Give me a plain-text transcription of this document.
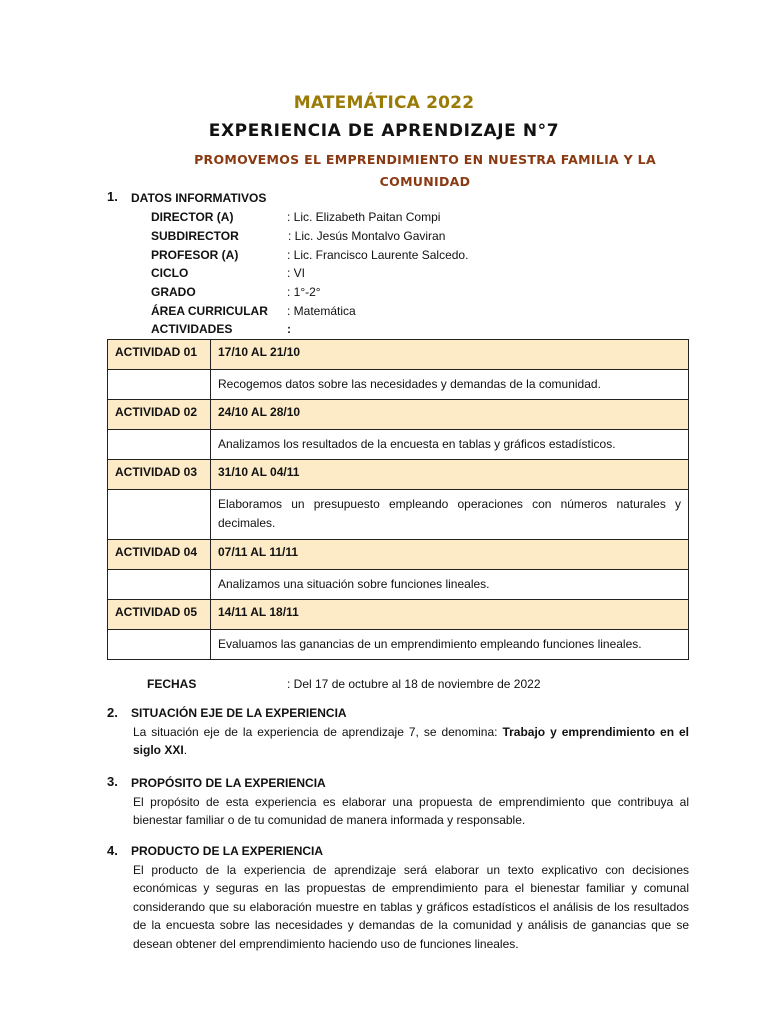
MATEMÁTICA 2022
EXPERIENCIA DE APRENDIZAJE N°7
PROMOVEMOS EL EMPRENDIMIENTO EN NUESTRA FAMILIA Y LA COMUNIDAD
1. DATOS INFORMATIVOS
DIRECTOR (A)	: Lic. Elizabeth Paitan Compi
SUBDIRECTOR	: Lic. Jesús Montalvo Gaviran
PROFESOR (A)	: Lic. Francisco Laurente Salcedo.
CICLO	: VI
GRADO	: 1°-2°
ÁREA CURRICULAR : Matemática
ACTIVIDADES	:
ACTIVIDAD 01	17/10 AL 21/10
	Recogemos datos sobre las necesidades y demandas de la comunidad.
ACTIVIDAD 02	24/10 AL 28/10
	Analizamos los resultados de la encuesta en tablas y gráficos estadísticos.
ACTIVIDAD 03	31/10 AL 04/11
	Elaboramos un presupuesto empleando operaciones con números naturales y decimales.
ACTIVIDAD 04	07/11 AL 11/11
	Analizamos una situación sobre funciones lineales.
ACTIVIDAD 05	14/11 AL 18/11
	Evaluamos las ganancias de un emprendimiento empleando funciones lineales.
FECHAS	: Del 17 de octubre al 18 de noviembre de 2022
2. SITUACIÓN EJE DE LA EXPERIENCIA
La situación eje de la experiencia de aprendizaje 7, se denomina: Trabajo y emprendimiento en el siglo XXI.
3. PROPÓSITO DE LA EXPERIENCIA
El propósito de esta experiencia es elaborar una propuesta de emprendimiento que contribuya al bienestar familiar o de tu comunidad de manera informada y responsable.
4. PRODUCTO DE LA EXPERIENCIA
El producto de la experiencia de aprendizaje será elaborar un texto explicativo con decisiones económicas y seguras en las propuestas de emprendimiento para el bienestar familiar y comunal considerando que su elaboración muestre en tablas y gráficos estadísticos el análisis de los resultados de la encuesta sobre las necesidades y demandas de la comunidad y análisis de ganancias que se desean obtener del emprendimiento haciendo uso de funciones lineales.
